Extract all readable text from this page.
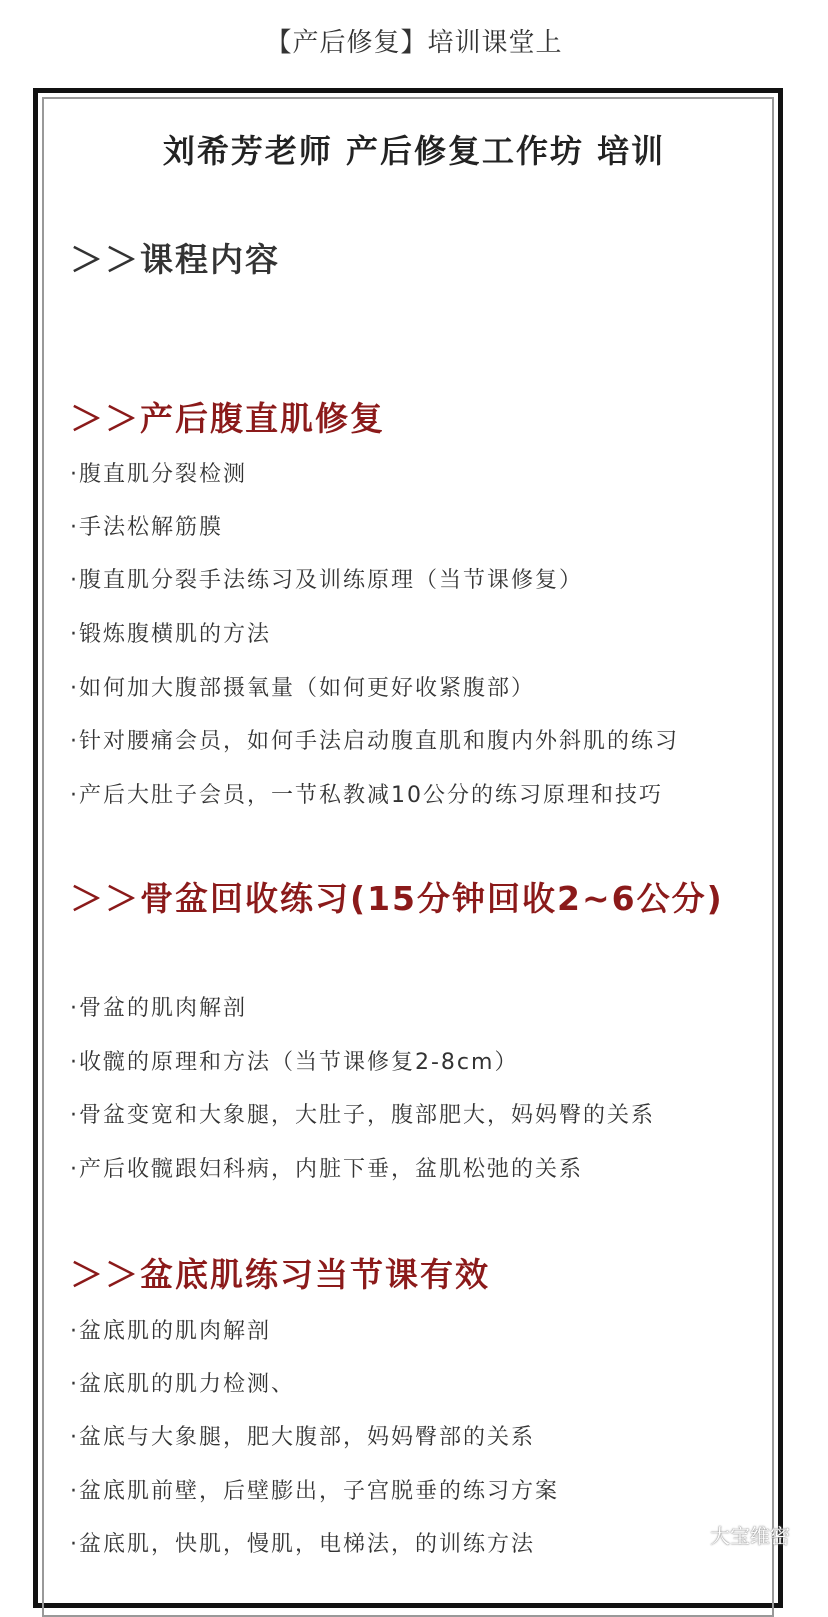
【产后修复】培训课堂上
刘希芳老师 产后修复工作坊 培训
＞＞课程内容
＞＞产后腹直肌修复
·腹直肌分裂检测
·手法松解筋膜
·腹直肌分裂手法练习及训练原理（当节课修复）
·锻炼腹横肌的方法
·如何加大腹部摄氧量（如何更好收紧腹部）
·针对腰痛会员，如何手法启动腹直肌和腹内外斜肌的练习
·产后大肚子会员，一节私教减10公分的练习原理和技巧
＞＞骨盆回收练习(15分钟回收2~6公分)
·骨盆的肌肉解剖
·收髋的原理和方法（当节课修复2-8cm）
·骨盆变宽和大象腿，大肚子，腹部肥大，妈妈臀的关系
·产后收髋跟妇科病，内脏下垂，盆肌松弛的关系
＞＞盆底肌练习当节课有效
·盆底肌的肌肉解剖
·盆底肌的肌力检测、
·盆底与大象腿，肥大腹部，妈妈臀部的关系
·盆底肌前壁，后壁膨出，子宫脱垂的练习方案
·盆底肌，快肌，慢肌，电梯法，的训练方法	大宝维密
